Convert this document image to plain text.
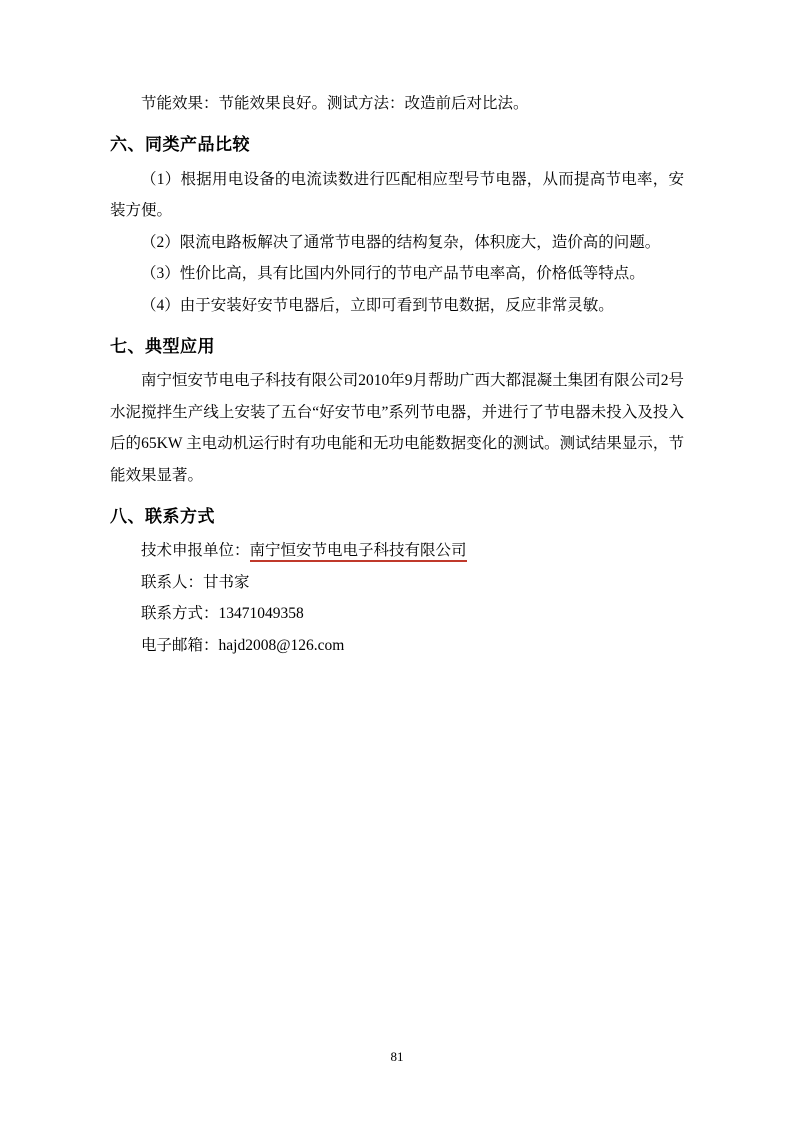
节能效果：节能效果良好。测试方法：改造前后对比法。

六、同类产品比较

（1）根据用电设备的电流读数进行匹配相应型号节电器，从而提高节电率，安装方便。

（2）限流电路板解决了通常节电器的结构复杂，体积庞大，造价高的问题。

（3）性价比高，具有比国内外同行的节电产品节电率高，价格低等特点。

（4）由于安装好安节电器后，立即可看到节电数据，反应非常灵敏。

七、典型应用

南宁恒安节电电子科技有限公司2010年9月帮助广西大都混凝土集团有限公司2号水泥搅拌生产线上安装了五台“好安节电”系列节电器，并进行了节电器未投入及投入后的65KW 主电动机运行时有功电能和无功电能数据变化的测试。测试结果显示，节能效果显著。

八、联系方式

技术申报单位：南宁恒安节电电子科技有限公司

联系人：甘书家

联系方式：13471049358

电子邮箱：hajd2008@126.com

81
